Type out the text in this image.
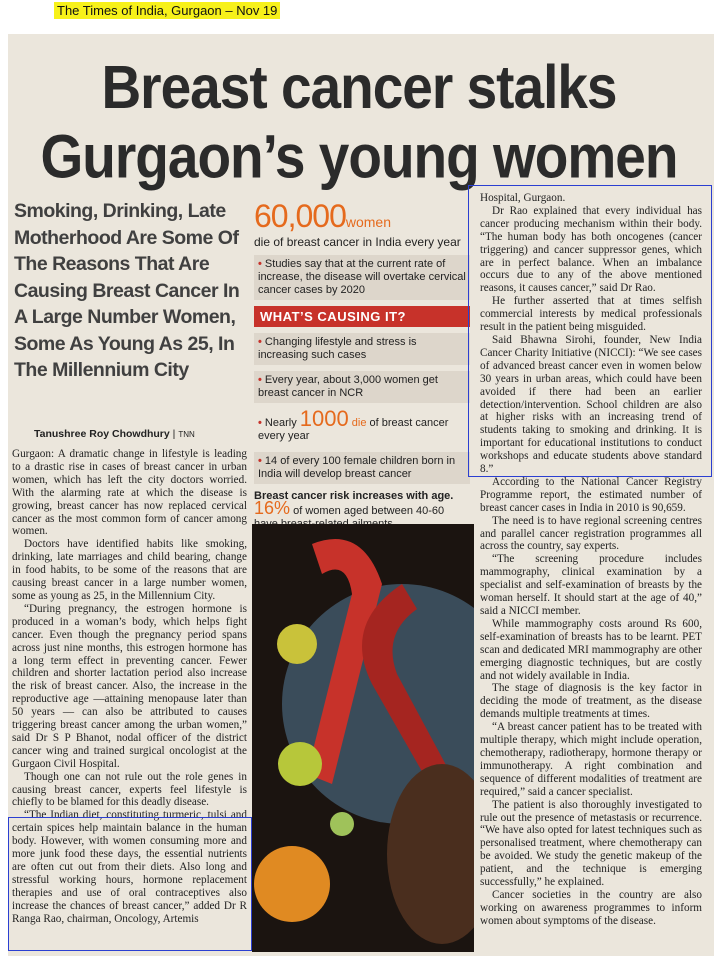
The Times of India, Gurgaon – Nov 19
Breast cancer stalks
Gurgaon’s young women
Smoking, Drinking, Late Motherhood Are Some Of The Reasons That Are Causing Breast Cancer In A Large Number Women, Some As Young As 25, In The Millennium City
Tanushree Roy Chowdhury | TNN

Gurgaon: A dramatic change in lifestyle is leading to a drastic rise in cases of breast cancer in urban women, which has left the city doctors worried. With the alarming rate at which the disease is growing, breast cancer has now replaced cervical cancer as the most common form of cancer among women.

Doctors have identified habits like smoking, drinking, late marriages and child bearing, change in food habits, to be some of the reasons that are causing breast cancer in a large number women, some as young as 25, in the Millennium City.

“During pregnancy, the estrogen hormone is produced in a woman’s body, which helps fight cancer. Even though the pregnancy period spans across just nine months, this estrogen hormone has a long term effect in preventing cancer. Fewer children and shorter lactation period also increase the risk of breast cancer. Also, the increase in the reproductive age —attaining menopause later than 50 years — can also be attributed to causes triggering breast cancer among the urban women,” said Dr S P Bhanot, nodal officer of the district cancer wing and trained surgical oncologist at the Gurgaon Civil Hospital.

Though one can not rule out the role genes in causing breast cancer, experts feel lifestyle is chiefly to be blamed for this deadly disease.

“The Indian diet, constituting turmeric, tulsi and certain spices help maintain balance in the human body. However, with women consuming more and more junk food these days, the essential nutrients are often cut out from their diets. Also long and stressful working hours, hormone replacement therapies and use of oral contraceptives also increase the chances of breast cancer,” added Dr R Ranga Rao, chairman, Oncology, Artemis

60,000women
die of breast cancer in India every year
• Studies say that at the current rate of increase, the disease will overtake cervical cancer cases by 2020
WHAT’S CAUSING IT?
• Changing lifestyle and stress is increasing such cases
• Every year, about 3,000 women get breast cancer in NCR
• Nearly 1000 die of breast cancer every year
• 14 of every 100 female children born in India will develop breast cancer
Breast cancer risk increases with age.
16% of women aged between 40-60

Hospital, Gurgaon.

Dr Rao explained that every individual has cancer producing mechanism within their body. “The human body has both oncogenes (cancer triggering) and cancer suppressor genes, which are in perfect balance. When an imbalance occurs due to any of the above mentioned reasons, it causes cancer,” said Dr Rao.

He further asserted that at times selfish commercial interests by medical professionals result in the patient being misguided.

Said Bhawna Sirohi, founder, New India Cancer Charity Initiative (NICCI): “We see cases of advanced breast cancer even in women below 30 years in urban areas, which could have been avoided if there had been an earlier detection/intervention. School children are also at higher risks with an increasing trend of students taking to smoking and drinking. It is important for educational institutions to conduct workshops and educate students above standard 8.”

According to the National Cancer Registry Programme report, the estimated number of breast cancer cases in India in 2010 is 90,659.

The need is to have regional screening centres and parallel cancer registration programmes all across the country, say experts.

“The screening procedure includes mammography, clinical examination by a specialist and self-examination of breasts by the woman herself. It should start at the age of 40,” said a NICCI member.

While mammography costs around Rs 600, self-examination of breasts has to be learnt. PET scan and dedicated MRI mammography are other emerging diagnostic techniques, but are costly and not widely available in India.

The stage of diagnosis is the key factor in deciding the mode of treatment, as the disease demands multiple treatments at times.

“A breast cancer patient has to be treated with multiple therapy, which might include operation, chemotherapy, radiotherapy, hormone therapy or immunotherapy. A right combination and sequence of different modalities of treatment are required,” said a cancer specialist.

The patient is also thoroughly investigated to rule out the presence of metastasis or recurrence. “We have also opted for latest techniques such as personalised treatment, where chemotherapy can be avoided. We study the genetic makeup of the patient, and the technique is emerging successfully,” he explained.

Cancer societies in the country are also working on awareness programmes to inform women about symptoms of the disease.
